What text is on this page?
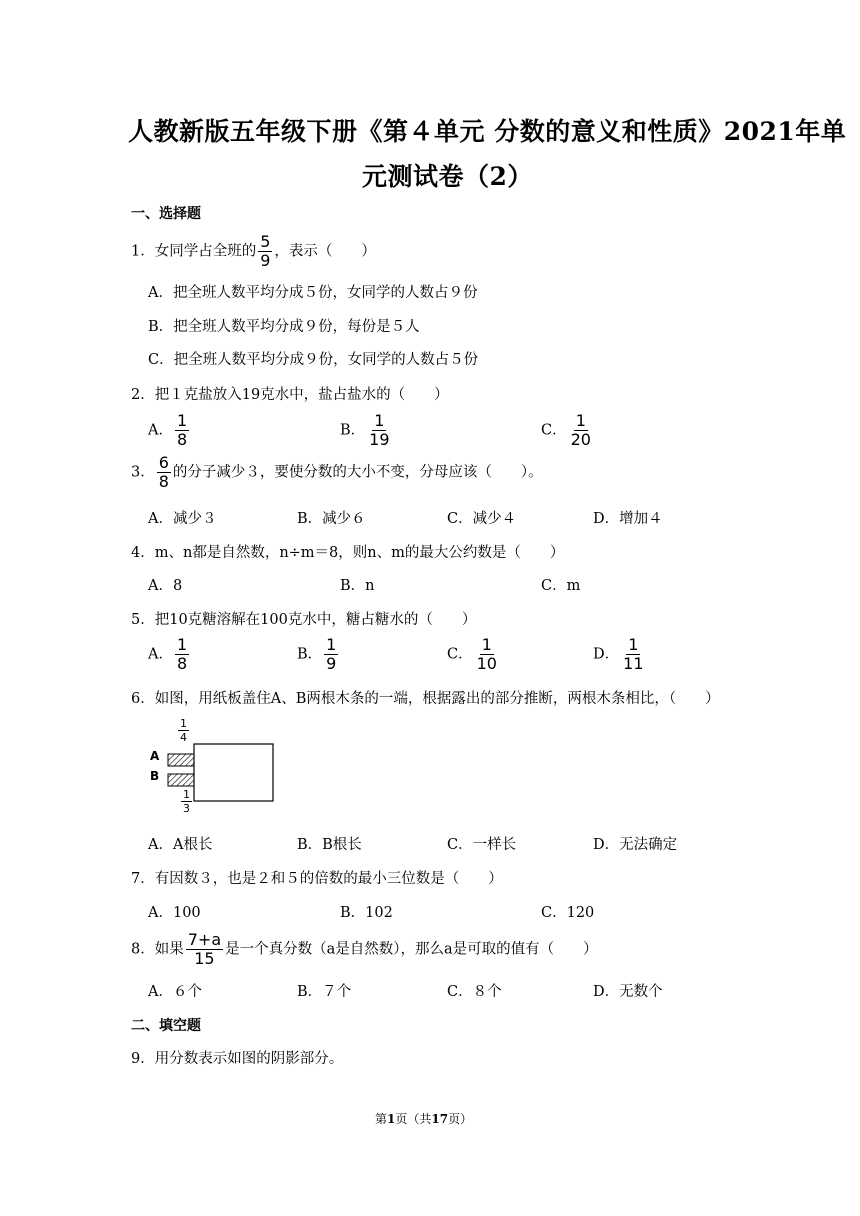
人教新版五年级下册《第４单元 分数的意义和性质》2021年单
元测试卷（2）
一、选择题
1．女同学占全班的 $\frac{5}{9}$ ，表示（　　）
A．把全班人数平均分成５份，女同学的人数占９份
B．把全班人数平均分成９份，每份是５人
C．把全班人数平均分成９份，女同学的人数占５份
2．把１克盐放入19克水中，盐占盐水的（　　）
A． $\frac{1}{8}$	B． $\frac{1}{19}$	C． $\frac{1}{20}$
3． $\frac{6}{8}$ 的分子减少３，要使分数的大小不变，分母应该（　　）。
A．减少３	B．减少６	C．减少４	D．增加４
4．m、n都是自然数，n÷m＝8，则n、m的最大公约数是（　　）
A．8	B．n	C．m
5．把10克糖溶解在100克水中，糖占糖水的（　　）
A． $\frac{1}{8}$	B． $\frac{1}{9}$	C． $\frac{1}{10}$	D． $\frac{1}{11}$
6．如图，用纸板盖住A、B两根木条的一端，根据露出的部分推断，两根木条相比，（　　）
$\frac{1}{4}$
A
B
$\frac{1}{3}$
A．A根长	B．B根长	C．一样长	D．无法确定
7．有因数３，也是２和５的倍数的最小三位数是（　　）
A．100	B．102	C．120
8．如果 $\frac{7+a}{15}$ 是一个真分数（a是自然数），那么a是可取的值有（　　）
A．６个	B．７个	C．８个	D．无数个
二、填空题
9．用分数表示如图的阴影部分。
第1页（共17页）
